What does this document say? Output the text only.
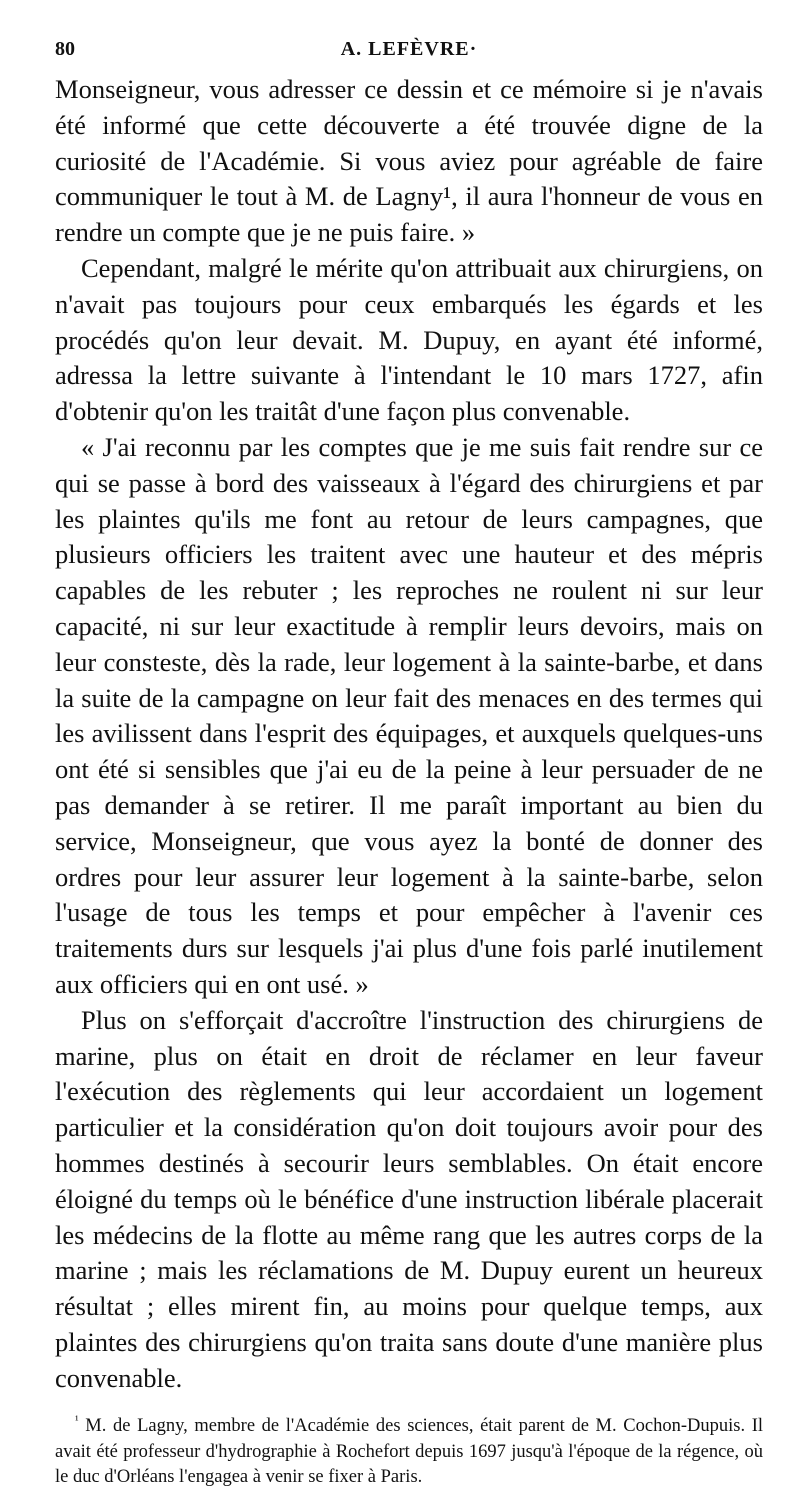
80	A. LEFÈVRE·

Monseigneur, vous adresser ce dessin et ce mémoire si je n'avais été informé que cette découverte a été trouvée digne de la curiosité de l'Académie. Si vous aviez pour agréable de faire communiquer le tout à M. de Lagny¹, il aura l'honneur de vous en rendre un compte que je ne puis faire. »

Cependant, malgré le mérite qu'on attribuait aux chirurgiens, on n'avait pas toujours pour ceux embarqués les égards et les procédés qu'on leur devait. M. Dupuy, en ayant été informé, adressa la lettre suivante à l'intendant le 10 mars 1727, afin d'obtenir qu'on les traitât d'une façon plus convenable.

« J'ai reconnu par les comptes que je me suis fait rendre sur ce qui se passe à bord des vaisseaux à l'égard des chirurgiens et par les plaintes qu'ils me font au retour de leurs campagnes, que plusieurs officiers les traitent avec une hauteur et des mépris capables de les rebuter ; les reproches ne roulent ni sur leur capacité, ni sur leur exactitude à remplir leurs devoirs, mais on leur consteste, dès la rade, leur logement à la sainte-barbe, et dans la suite de la campagne on leur fait des menaces en des termes qui les avilissent dans l'esprit des équipages, et auxquels quelques-uns ont été si sensibles que j'ai eu de la peine à leur persuader de ne pas demander à se retirer. Il me paraît important au bien du service, Monseigneur, que vous ayez la bonté de donner des ordres pour leur assurer leur logement à la sainte-barbe, selon l'usage de tous les temps et pour empêcher à l'avenir ces traitements durs sur lesquels j'ai plus d'une fois parlé inutilement aux officiers qui en ont usé. »

Plus on s'efforçait d'accroître l'instruction des chirurgiens de marine, plus on était en droit de réclamer en leur faveur l'exécution des règlements qui leur accordaient un logement particulier et la considération qu'on doit toujours avoir pour des hommes destinés à secourir leurs semblables. On était encore éloigné du temps où le bénéfice d'une instruction libérale placerait les médecins de la flotte au même rang que les autres corps de la marine ; mais les réclamations de M. Dupuy eurent un heureux résultat ; elles mirent fin, au moins pour quelque temps, aux plaintes des chirurgiens qu'on traita sans doute d'une manière plus convenable.

$^{^1}$ M. de Lagny, membre de l'Académie des sciences, était parent de M. Cochon-Dupuis. Il avait été professeur d'hydrographie à Rochefort depuis 1697 jusqu'à l'époque de la régence, où le duc d'Orléans l'engagea à venir se fixer à Paris.
